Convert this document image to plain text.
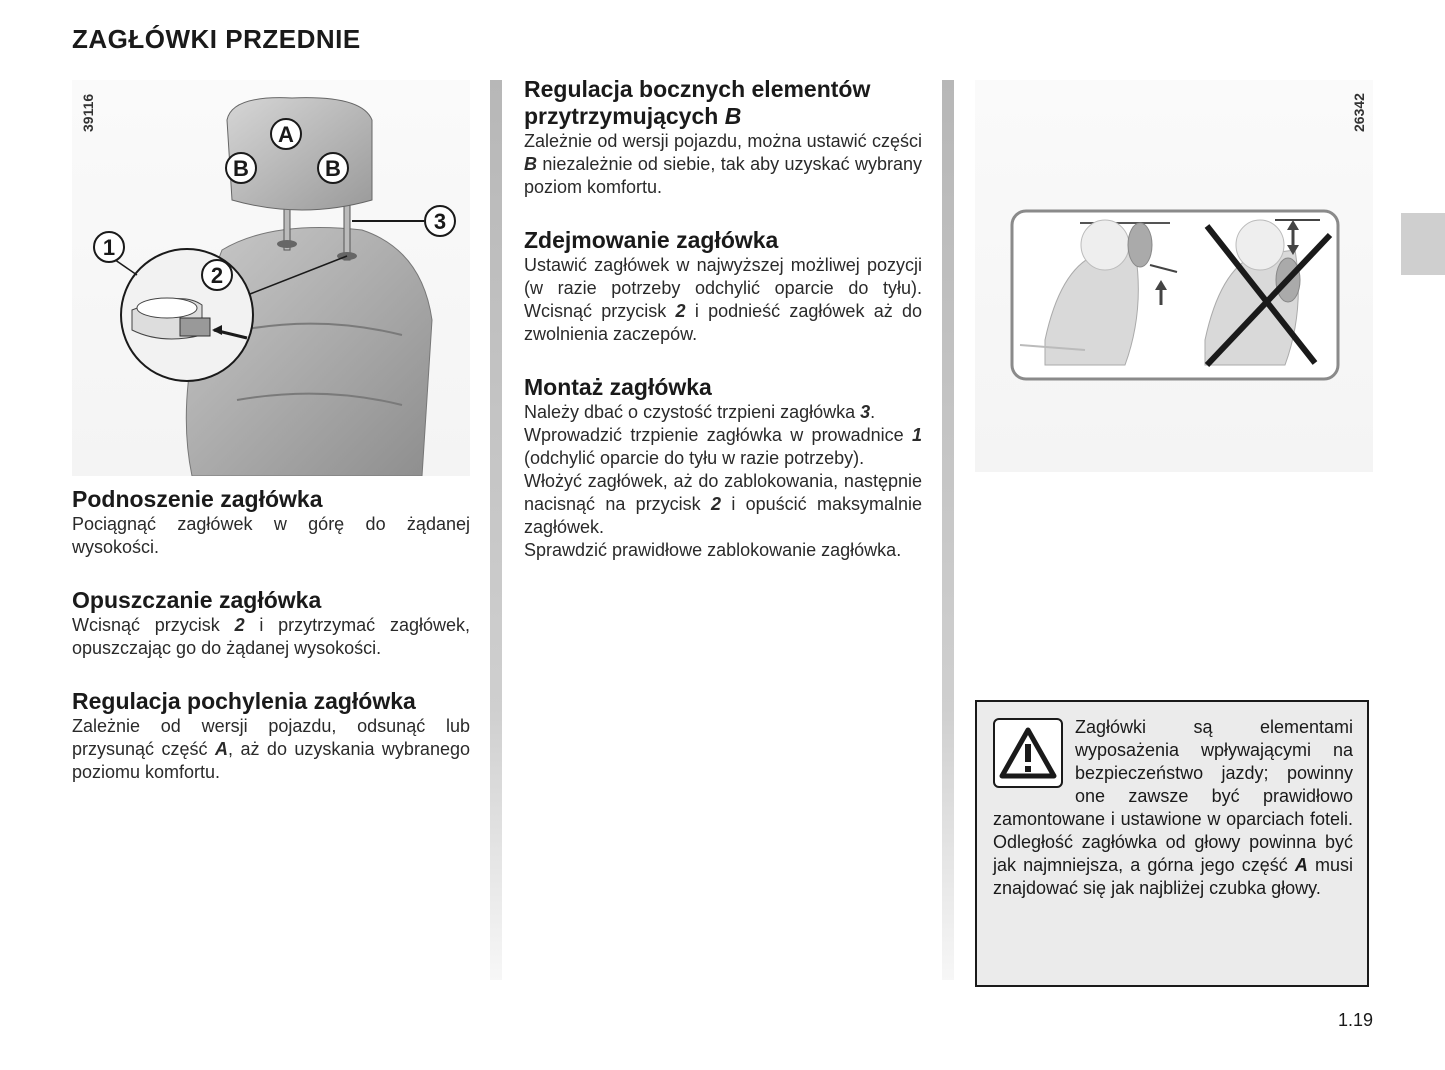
ZAGŁÓWKI PRZEDNIE
A
B	B
1
2
3
39116
Podnoszenie zagłówka

Pociągnąć zagłówek w górę do żądanej wysokości.

Opuszczanie zagłówka

Wcisnąć przycisk 2 i przytrzymać zagłówek, opuszczając go do żądanej wysokości.

Regulacja pochylenia zagłówka

Zależnie od wersji pojazdu, odsunąć lub przysunąć część A, aż do uzyskania wybranego poziomu komfortu.

Regulacja bocznych elementów przytrzymujących B

Zależnie od wersji pojazdu, można ustawić części B niezależnie od siebie, tak aby uzyskać wybrany poziom komfortu.

Zdejmowanie zagłówka

Ustawić zagłówek w najwyższej możliwej pozycji (w razie potrzeby odchylić oparcie do tyłu). Wcisnąć przycisk 2 i podnieść zagłówek aż do zwolnienia zaczepów.

Montaż zagłówka

Należy dbać o czystość trzpieni zagłówka 3.

Wprowadzić trzpienie zagłówka w prowadnice 1 (odchylić oparcie do tyłu w razie potrzeby).

Włożyć zagłówek, aż do zablokowania, następnie nacisnąć na przycisk 2 i opuścić maksymalnie zagłówek.

Sprawdzić prawidłowe zablokowanie zagłówka.

26342

Zagłówki są elementami wyposażenia wpływającymi na bezpieczeństwo jazdy; powinny one zawsze być prawidłowo zamontowane i ustawione w oparciach foteli. Odległość zagłówka od głowy powinna być jak najmniejsza, a górna jego część A musi znajdować się jak najbliżej czubka głowy.

1.19
